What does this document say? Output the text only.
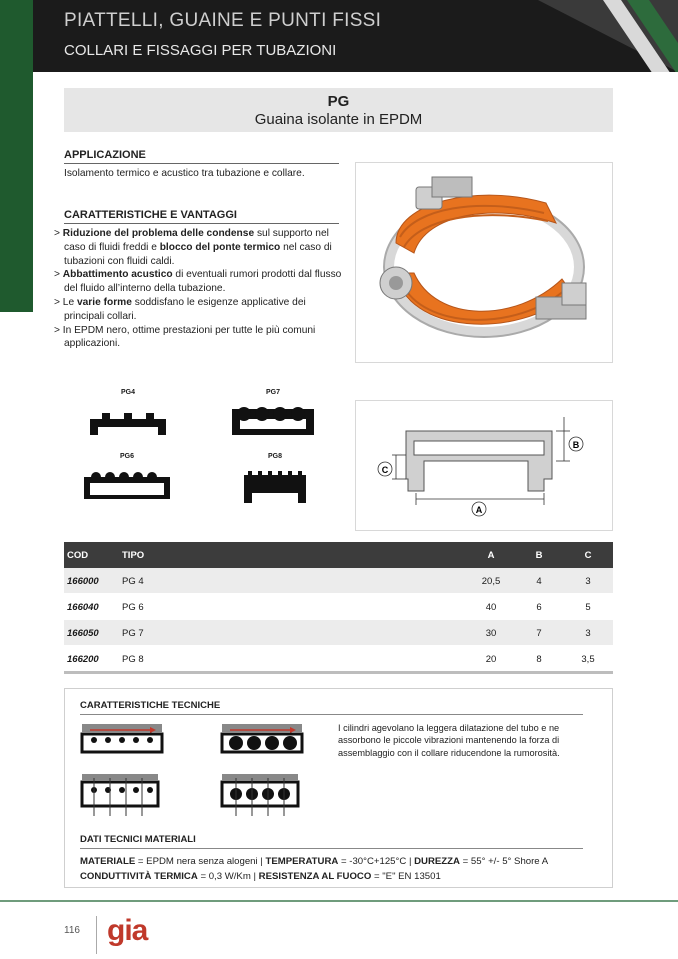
PIATTELLI, GUAINE E PUNTI FISSI
COLLARI E FISSAGGI PER TUBAZIONI
PG
Guaina isolante in EPDM
APPLICAZIONE
Isolamento termico e acustico tra tubazione e collare.
CARATTERISTICHE E VANTAGGI
> Riduzione del problema delle condense sul supporto nel caso di fluidi freddi e blocco del ponte termico nel caso di tubazioni con fluidi caldi.
> Abbattimento acustico di eventuali rumori prodotti dal flusso del fluido all’interno della tubazione.
> Le varie forme soddisfano le esigenze applicative dei principali collari.
> In EPDM nero, ottime prestazioni per tutte le più comuni applicazioni.
PG4	PG7
PG6	PG8
A
B
C
COD	TIPO	A	B	C
166000 PG 4	20,5	4	3
166040 PG 6	40	6	5
166050 PG 7	30	7	3
166200 PG 8	20	8	3,5
CARATTERISTICHE TECNICHE
I cilindri agevolano la leggera dilatazione del tubo e ne assorbono le piccole vibrazioni mantenendo la forza di assemblaggio con il collare riducendone la rumorosità.
DATI TECNICI MATERIALI
MATERIALE = EPDM nera senza alogeni | TEMPERATURA = -30°C+125°C | DUREZZA = 55° +/- 5° Shore A
CONDUTTIVITÀ TERMICA = 0,3 W/Km | RESISTENZA AL FUOCO = "E" EN 13501
116 gia
